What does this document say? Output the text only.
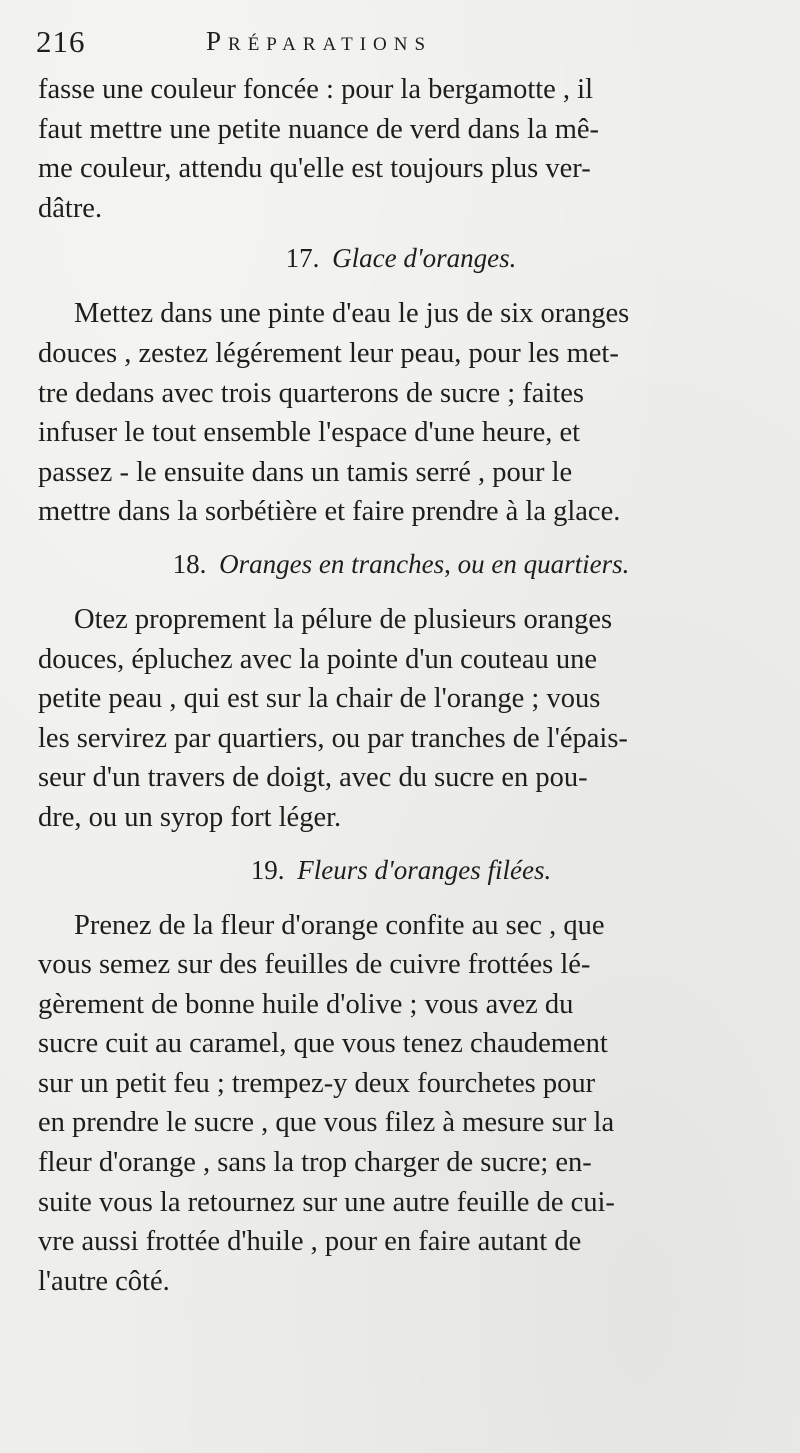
216	Préparations

fasse une couleur foncée : pour la bergamotte , il
faut mettre une petite nuance de verd dans la mê-
me couleur, attendu qu'elle est toujours plus ver-
dâtre.

17. Glace d'oranges.

Mettez dans une pinte d'eau le jus de six oranges
douces , zestez légérement leur peau, pour les met-
tre dedans avec trois quarterons de sucre ; faites
infuser le tout ensemble l'espace d'une heure, et
passez - le ensuite dans un tamis serré , pour le
mettre dans la sorbétière et faire prendre à la glace.

18. Oranges en tranches, ou en quartiers.

Otez proprement la pélure de plusieurs oranges
douces, épluchez avec la pointe d'un couteau une
petite peau , qui est sur la chair de l'orange ; vous
les servirez par quartiers, ou par tranches de l'épais-
seur d'un travers de doigt, avec du sucre en pou-
dre, ou un syrop fort léger.

19. Fleurs d'oranges filées.

Prenez de la fleur d'orange confite au sec , que
vous semez sur des feuilles de cuivre frottées lé-
gèrement de bonne huile d'olive ; vous avez du
sucre cuit au caramel, que vous tenez chaudement
sur un petit feu ; trempez-y deux fourchetes pour
en prendre le sucre , que vous filez à mesure sur la
fleur d'orange , sans la trop charger de sucre; en-
suite vous la retournez sur une autre feuille de cui-
vre aussi frottée d'huile , pour en faire autant de
l'autre côté.
